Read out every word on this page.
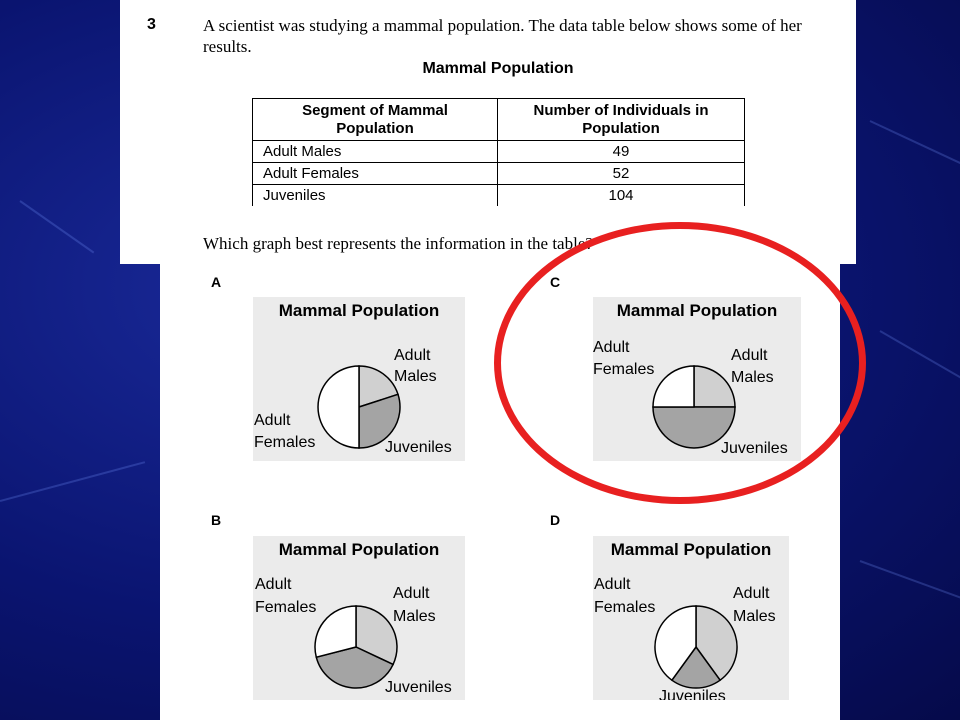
3	A scientist was studying a mammal population. The data table below shows some of her results.
Mammal Population
Segment of Mammal Population	Number of Individuals in Population
Adult Males	49
Adult Females	52
Juveniles	104
Which graph best represents the information in the table?
A	C
B	D
Mammal Population
Adult
Males
Adult
Females	Juveniles
Mammal Population
Adult
Females
Adult
Males
Juveniles
Mammal Population
Adult
Females
Adult
Males
Juveniles
Mammal Population
Adult
Females
Adult
Males
Juveniles
